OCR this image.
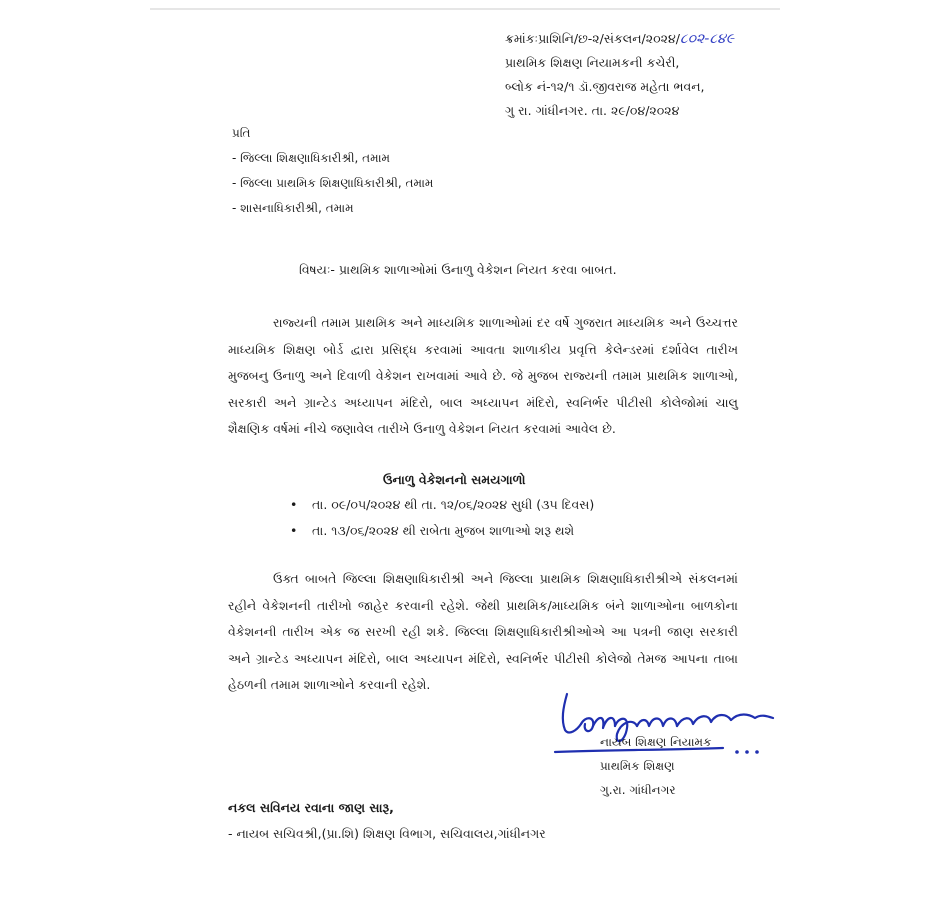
ક્રમાંકઃપ્રાશિનિ/છ-૨/સંકલન/૨૦૨૪/૮૦૨-૮૪૯
પ્રાથમિક શિક્ષણ નિયામકની કચેરી,
બ્લોક નં-૧૨/૧ ડૉ.જીવરાજ મહેતા ભવન,
ગુ રા. ગાંધીનગર. તા. ૨૯/૦૪/૨૦૨૪
પ્રતિ
- જિલ્લા શિક્ષણાધિકારીશ્રી, તમામ
- જિલ્લા પ્રાથમિક શિક્ષણાધિકારીશ્રી, તમામ
- શાસનાધિકારીશ્રી, તમામ
વિષયઃ- પ્રાથમિક શાળાઓમાં ઉનાળુ વેકેશન નિયત કરવા બાબત.

રાજ્યની તમામ પ્રાથમિક અને માધ્યમિક શાળાઓમાં દર વર્ષે ગુજરાત માધ્યમિક અને ઉચ્ચત્તર માધ્યમિક શિક્ષણ બોર્ડ દ્વારા પ્રસિદ્ધ કરવામાં આવતા શાળાકીય પ્રવૃત્તિ કેલેન્ડરમાં દર્શાવેલ તારીખ મુજબનુ ઉનાળુ અને દિવાળી વેકેશન રાખવામાં આવે છે. જે મુજબ રાજ્યની તમામ પ્રાથમિક શાળાઓ, સરકારી અને ગ્રાન્ટેડ અધ્યાપન મંદિરો, બાલ અધ્યાપન મંદિરો, સ્વનિર્ભર પીટીસી કોલેજોમાં ચાલુ શૈક્ષણિક વર્ષમાં નીચે જણાવેલ તારીખે ઉનાળુ વેકેશન નિયત કરવામાં આવેલ છે.

ઉનાળુ વેકેશનનો સમયગાળો
• તા. ૦૯/૦૫/૨૦૨૪ થી તા. ૧૨/૦૬/૨૦૨૪ સુધી (૩૫ દિવસ)
• તા. ૧૩/૦૬/૨૦૨૪ થી રાબેતા મુજબ શાળાઓ શરૂ થશે

ઉક્ત બાબતે જિલ્લા શિક્ષણાધિકારીશ્રી અને જિલ્લા પ્રાથમિક શિક્ષણાધિકારીશ્રીએ સંકલનમાં રહીને વેકેશનની તારીખો જાહેર કરવાની રહેશે. જેથી પ્રાથમિક/માધ્યમિક બંને શાળાઓના બાળકોના વેકેશનની તારીખ એક જ સરખી રહી શકે. જિલ્લા શિક્ષણાધિકારીશ્રીઓએ આ પત્રની જાણ સરકારી અને ગ્રાન્ટેડ અધ્યાપન મંદિરો, બાલ અધ્યાપન મંદિરો, સ્વનિર્ભર પીટીસી કોલેજો તેમજ આપના તાબા હેઠળની તમામ શાળાઓને કરવાની રહેશે.

નાયબ શિક્ષણ નિયામક
પ્રાથમિક શિક્ષણ
ગુ.રા. ગાંધીનગર
નકલ સવિનય રવાના જાણ સારૂ,
- નાયબ સચિવશ્રી,(પ્રા.શિ) શિક્ષણ વિભાગ, સચિવાલય,ગાંધીનગર
